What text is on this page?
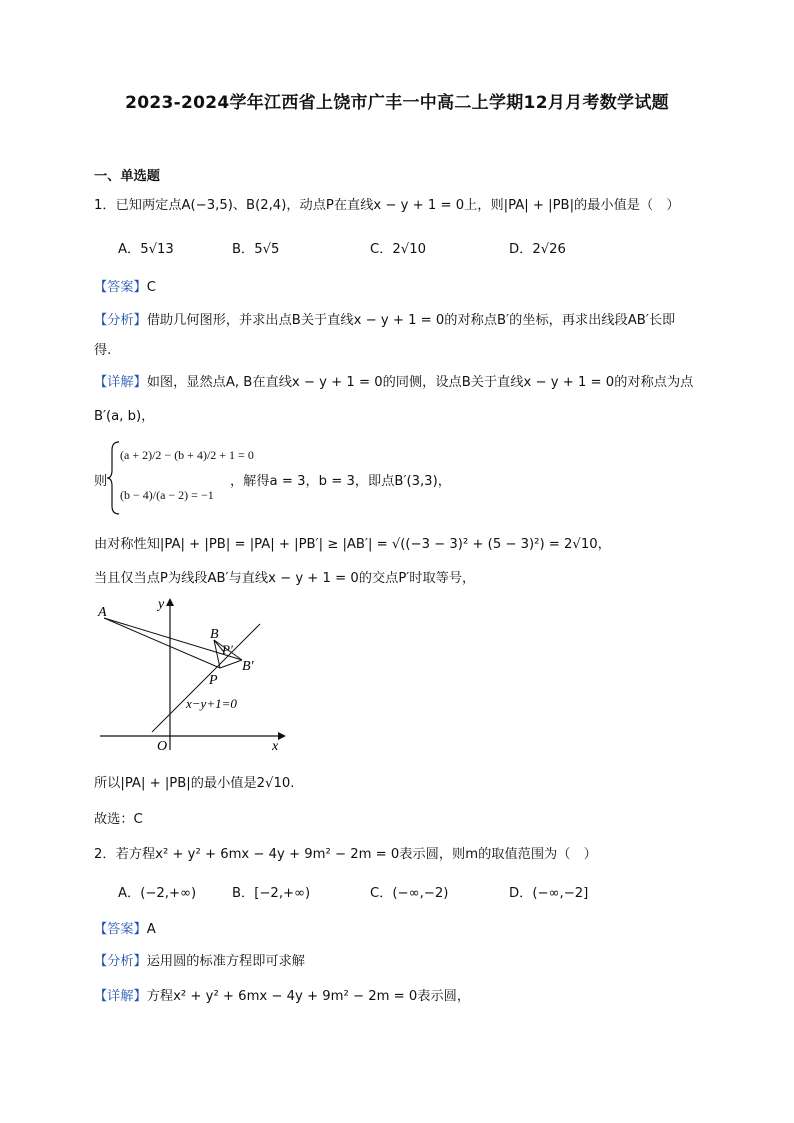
2023-2024学年江西省上饶市广丰一中高二上学期12月月考数学试题
一、单选题
1．已知两定点A(−3,5)、B(2,4)，动点P在直线x − y + 1 = 0上，则|PA| + |PB|的最小值是（　）
A．5√13	B．5√5	C．2√10	D．2√26
【答案】C
【分析】借助几何图形，并求出点B关于直线x − y + 1 = 0的对称点B′的坐标，再求出线段AB′长即
得.
【详解】如图，显然点A, B在直线x − y + 1 = 0的同侧，设点B关于直线x − y + 1 = 0的对称点为点
B′(a, b)，
则
(a + 2)/2 − (b + 4)/2 + 1 = 0
(b − 4)/(a − 2) = −1
，解得a = 3，b = 3，即点B′(3,3)，
由对称性知|PA| + |PB| = |PA| + |PB′| ≥ |AB′| = √((−3 − 3)² + (5 − 3)²) = 2√10，
当且仅当点P为线段AB′与直线x − y + 1 = 0的交点P′时取等号，
A
B
P′
B′
P
x−y+1=0
O	x
y
所以|PA| + |PB|的最小值是2√10.
故选：C
2．若方程x² + y² + 6mx − 4y + 9m² − 2m = 0表示圆，则m的取值范围为（　）
A．(−2,+∞)	B．[−2,+∞)	C．(−∞,−2)	D．(−∞,−2]
【答案】A
【分析】运用圆的标准方程即可求解
【详解】方程x² + y² + 6mx − 4y + 9m² − 2m = 0表示圆，
